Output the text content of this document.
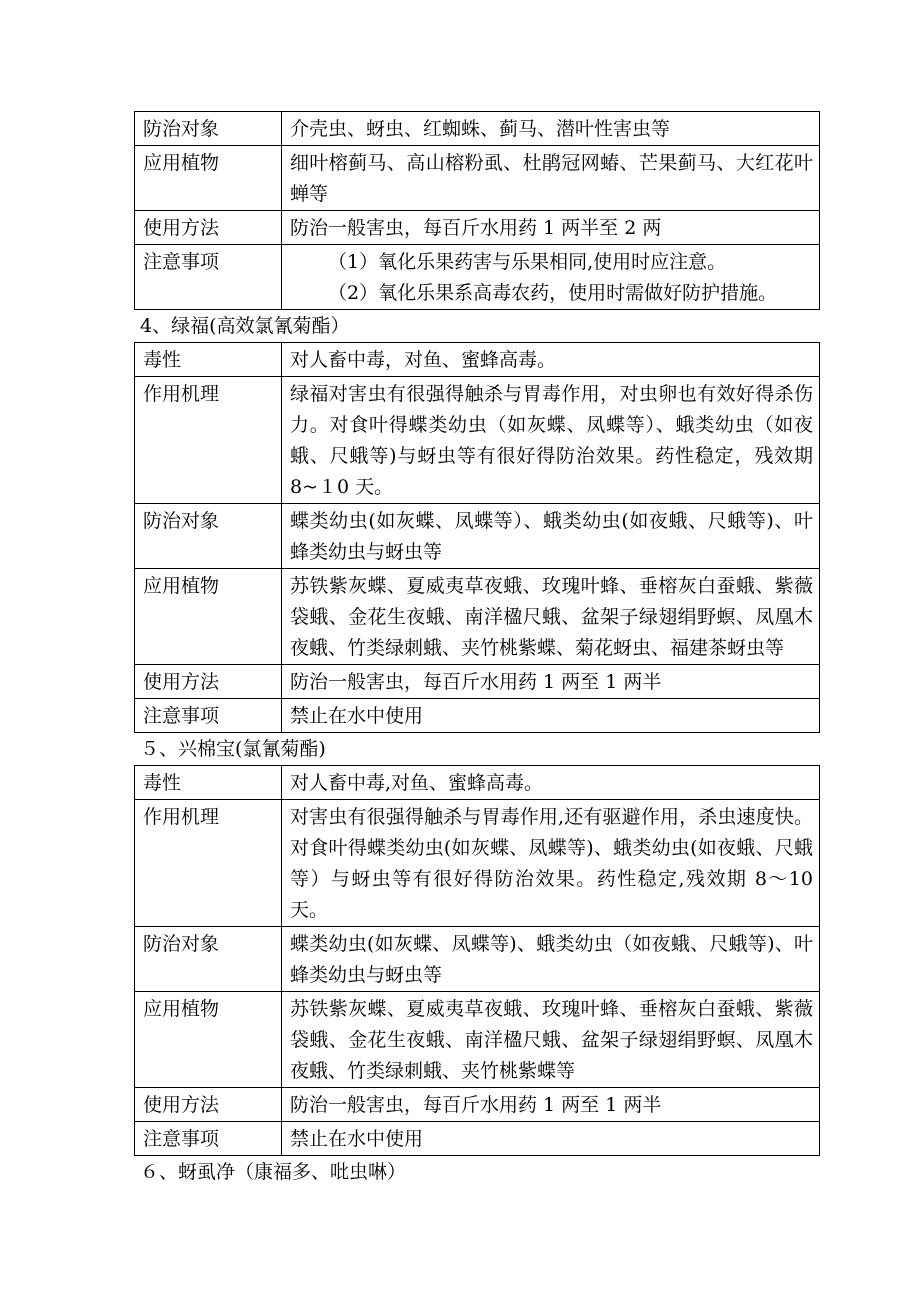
防治对象	介壳虫、蚜虫、红蜘蛛、蓟马、潜叶性害虫等
应用植物	细叶榕蓟马、高山榕粉虱、杜鹃冠网蝽、芒果蓟马、大红花叶蝉等
使用方法	防治一般害虫，每百斤水用药 1 两半至 2 两
注意事项	（1）氧化乐果药害与乐果相同,使用时应注意。
（2）氧化乐果系高毒农药，使用时需做好防护措施。
4、绿福(高效氯氰菊酯）
毒性	对人畜中毒，对鱼、蜜蜂高毒。
作用机理	绿福对害虫有很强得触杀与胃毒作用，对虫卵也有效好得杀伤力。对食叶得蝶类幼虫（如灰蝶、凤蝶等）、蛾类幼虫（如夜蛾、尺蛾等)与蚜虫等有很好得防治效果。药性稳定，残效期 8~１0 天。
防治对象	蝶类幼虫(如灰蝶、凤蝶等）、蛾类幼虫(如夜蛾、尺蛾等)、叶蜂类幼虫与蚜虫等
应用植物	苏铁紫灰蝶、夏威夷草夜蛾、玫瑰叶蜂、垂榕灰白蚕蛾、紫薇袋蛾、金花生夜蛾、南洋楹尺蛾、盆架子绿翅绢野螟、凤凰木夜蛾、竹类绿刺蛾、夹竹桃紫蝶、菊花蚜虫、福建茶蚜虫等
使用方法	防治一般害虫，每百斤水用药 1 两至 1 两半
注意事项	禁止在水中使用
５、兴棉宝(氯氰菊酯)
毒性	对人畜中毒,对鱼、蜜蜂高毒。
作用机理	对害虫有很强得触杀与胃毒作用,还有驱避作用，杀虫速度快。对食叶得蝶类幼虫(如灰蝶、凤蝶等)、蛾类幼虫(如夜蛾、尺蛾等）与蚜虫等有很好得防治效果。药性稳定,残效期 8～10 天。
防治对象	蝶类幼虫(如灰蝶、凤蝶等)、蛾类幼虫（如夜蛾、尺蛾等)、叶蜂类幼虫与蚜虫等
应用植物	苏铁紫灰蝶、夏威夷草夜蛾、玫瑰叶蜂、垂榕灰白蚕蛾、紫薇袋蛾、金花生夜蛾、南洋楹尺蛾、盆架子绿翅绢野螟、凤凰木夜蛾、竹类绿刺蛾、夹竹桃紫蝶等
使用方法	防治一般害虫，每百斤水用药 1 两至 1 两半
注意事项	禁止在水中使用
６、蚜虱净（康福多、吡虫啉）
